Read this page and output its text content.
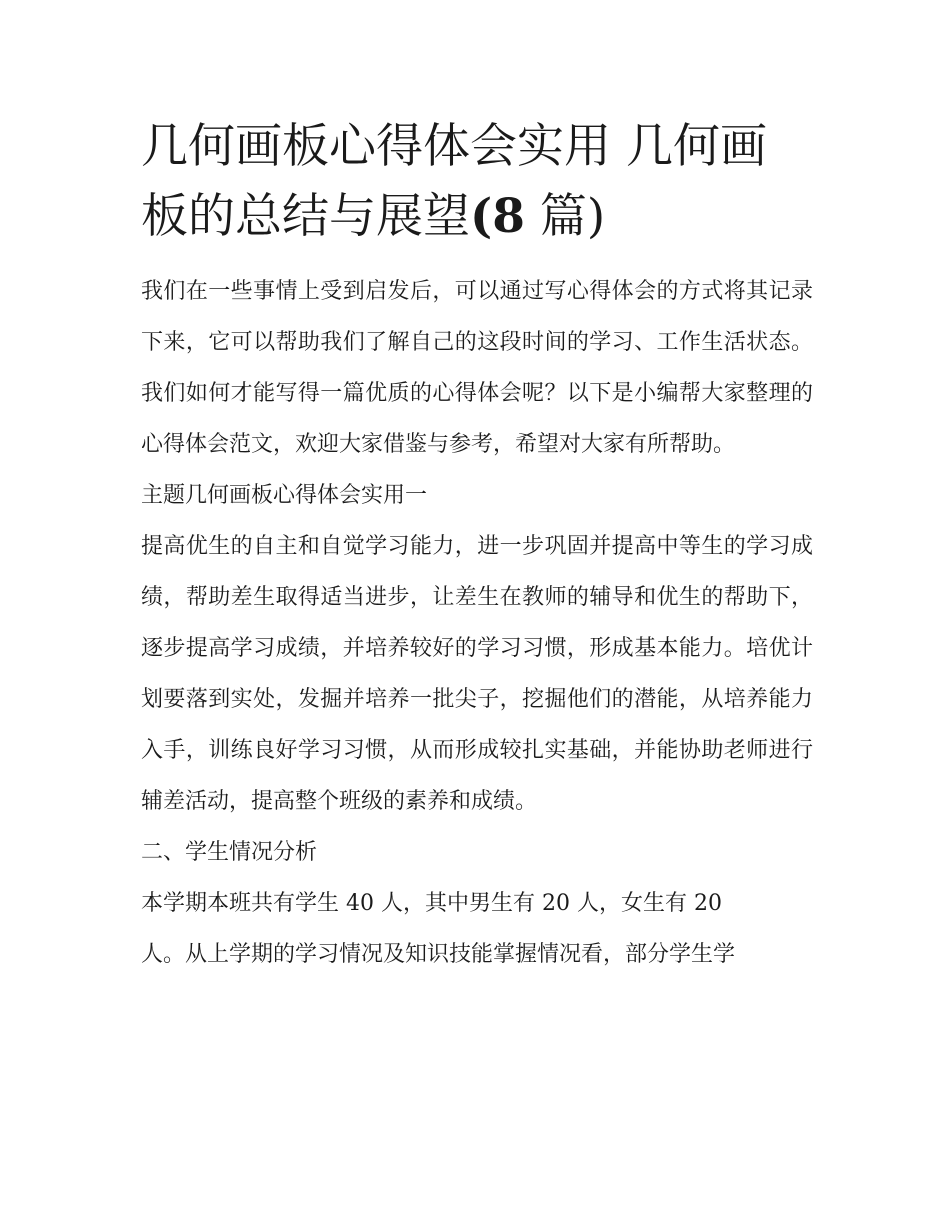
几何画板心得体会实用 几何画板的总结与展望(8 篇)

我们在一些事情上受到启发后，可以通过写心得体会的方式将其记录下来，它可以帮助我们了解自己的这段时间的学习、工作生活状态。我们如何才能写得一篇优质的心得体会呢？以下是小编帮大家整理的心得体会范文，欢迎大家借鉴与参考，希望对大家有所帮助。

主题几何画板心得体会实用一

提高优生的自主和自觉学习能力，进一步巩固并提高中等生的学习成绩，帮助差生取得适当进步，让差生在教师的辅导和优生的帮助下，逐步提高学习成绩，并培养较好的学习习惯，形成基本能力。培优计划要落到实处，发掘并培养一批尖子，挖掘他们的潜能，从培养能力入手，训练良好学习习惯，从而形成较扎实基础，并能协助老师进行辅差活动，提高整个班级的素养和成绩。

二、学生情况分析

本学期本班共有学生 40 人，其中男生有 20 人，女生有 20

人。从上学期的学习情况及知识技能掌握情况看，部分学生学
